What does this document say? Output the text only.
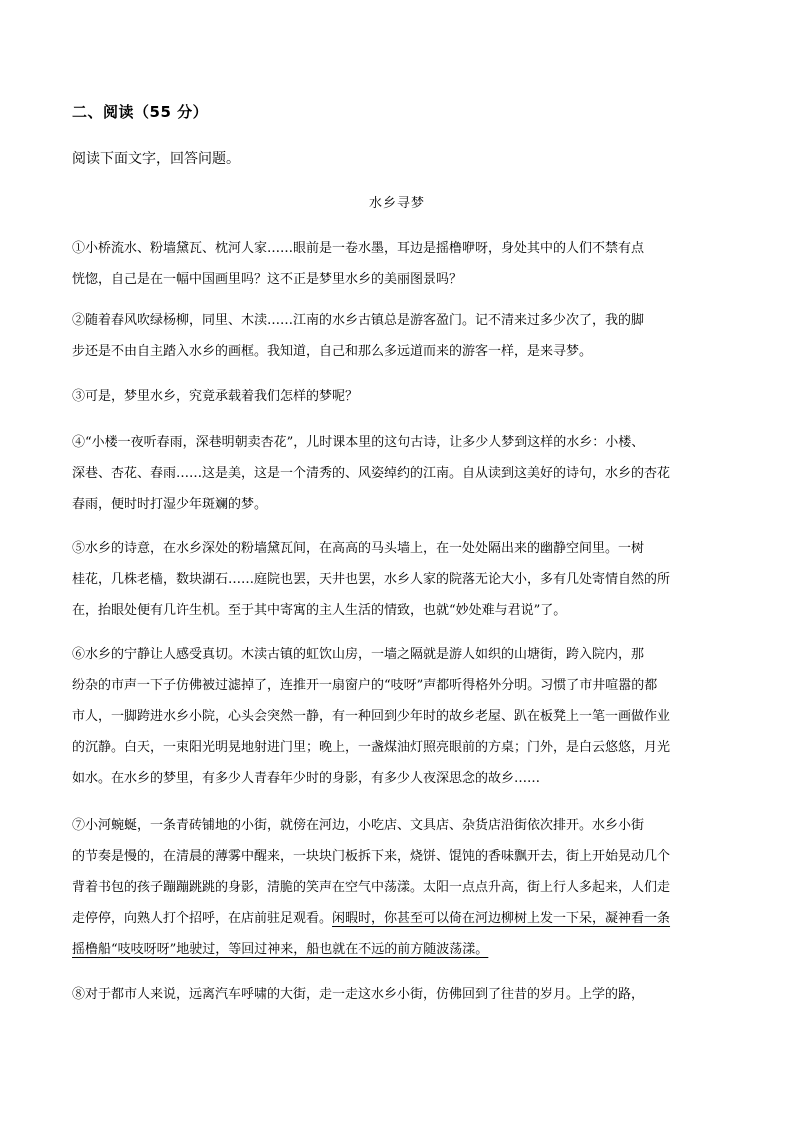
二、阅读（55 分）
阅读下面文字，回答问题。
水乡寻梦
①小桥流水、粉墙黛瓦、枕河人家……眼前是一卷水墨，耳边是摇橹咿呀，身处其中的人们不禁有点
恍惚，自己是在一幅中国画里吗？这不正是梦里水乡的美丽图景吗？
②随着春风吹绿杨柳，同里、木渎……江南的水乡古镇总是游客盈门。记不清来过多少次了，我的脚
步还是不由自主踏入水乡的画框。我知道，自己和那么多远道而来的游客一样，是来寻梦。
③可是，梦里水乡，究竟承载着我们怎样的梦呢？
④“小楼一夜听春雨，深巷明朝卖杏花”，儿时课本里的这句古诗，让多少人梦到这样的水乡：小楼、
深巷、杏花、春雨……这是美，这是一个清秀的、风姿绰约的江南。自从读到这美好的诗句，水乡的杏花
春雨，便时时打湿少年斑斓的梦。
⑤水乡的诗意，在水乡深处的粉墙黛瓦间，在高高的马头墙上，在一处处隔出来的幽静空间里。一树
桂花，几株老樯，数块湖石……庭院也罢，天井也罢，水乡人家的院落无论大小，多有几处寄情自然的所
在，抬眼处便有几许生机。至于其中寄寓的主人生活的情致，也就“妙处难与君说”了。
⑥水乡的宁静让人感受真切。木渎古镇的虹饮山房，一墙之隔就是游人如织的山塘街，跨入院内，那
纷杂的市声一下子仿佛被过滤掉了，连推开一扇窗户的“吱呀”声都听得格外分明。习惯了市井喧嚣的都
市人，一脚跨进水乡小院，心头会突然一静，有一种回到少年时的故乡老屋、趴在板凳上一笔一画做作业
的沉静。白天，一束阳光明晃地射进门里；晚上，一盏煤油灯照亮眼前的方桌；门外，是白云悠悠，月光
如水。在水乡的梦里，有多少人青春年少时的身影，有多少人夜深思念的故乡……
⑦小河蜿蜒，一条青砖铺地的小街，就傍在河边，小吃店、文具店、杂货店沿街依次排开。水乡小街
的节奏是慢的，在清晨的薄雾中醒来，一块块门板拆下来，烧饼、馄饨的香味飘开去，街上开始晃动几个
背着书包的孩子蹦蹦跳跳的身影，清脆的笑声在空气中荡漾。太阳一点点升高，街上行人多起来，人们走
走停停，向熟人打个招呼，在店前驻足观看。闲暇时，你甚至可以倚在河边柳树上发一下呆，凝神看一条
摇橹船“吱吱呀呀”地驶过，等回过神来，船也就在不远的前方随波荡漾。
⑧对于都市人来说，远离汽车呼啸的大街，走一走这水乡小街，仿佛回到了往昔的岁月。上学的路，
